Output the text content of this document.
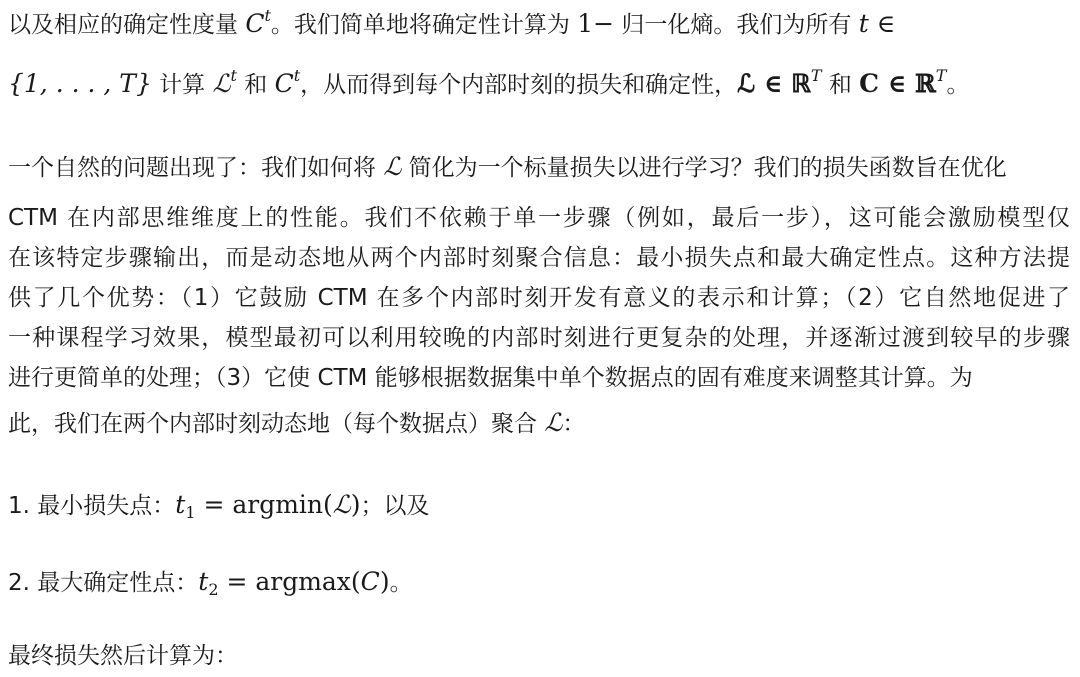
以及相应的确定性度量 $C^t$。我们简单地将确定性计算为 1− 归一化熵。我们为所有 t ∈
{1, . . . , T} 计算 ℒ$^t$ 和 $C^t$，从而得到每个内部时刻的损失和确定性，ℒ ∈ ℝ$^T$ 和 C ∈ ℝ$^T$。
一个自然的问题出现了：我们如何将 ℒ 简化为一个标量损失以进行学习？我们的损失函数旨在优化
CTM 在内部思维维度上的性能。我们不依赖于单一步骤（例如，最后一步），这可能会激励模型仅
在该特定步骤输出，而是动态地从两个内部时刻聚合信息：最小损失点和最大确定性点。这种方法提
供了几个优势：（1）它鼓励 CTM 在多个内部时刻开发有意义的表示和计算；（2）它自然地促进了
一种课程学习效果，模型最初可以利用较晚的内部时刻进行更复杂的处理，并逐渐过渡到较早的步骤
进行更简单的处理；（3）它使 CTM 能够根据数据集中单个数据点的固有难度来调整其计算。为
此，我们在两个内部时刻动态地（每个数据点）聚合 ℒ：
1. 最小损失点：$t_1$ = argmin(ℒ)；以及
2. 最大确定性点：$t_2 = argmax(C)$。
最终损失然后计算为：
